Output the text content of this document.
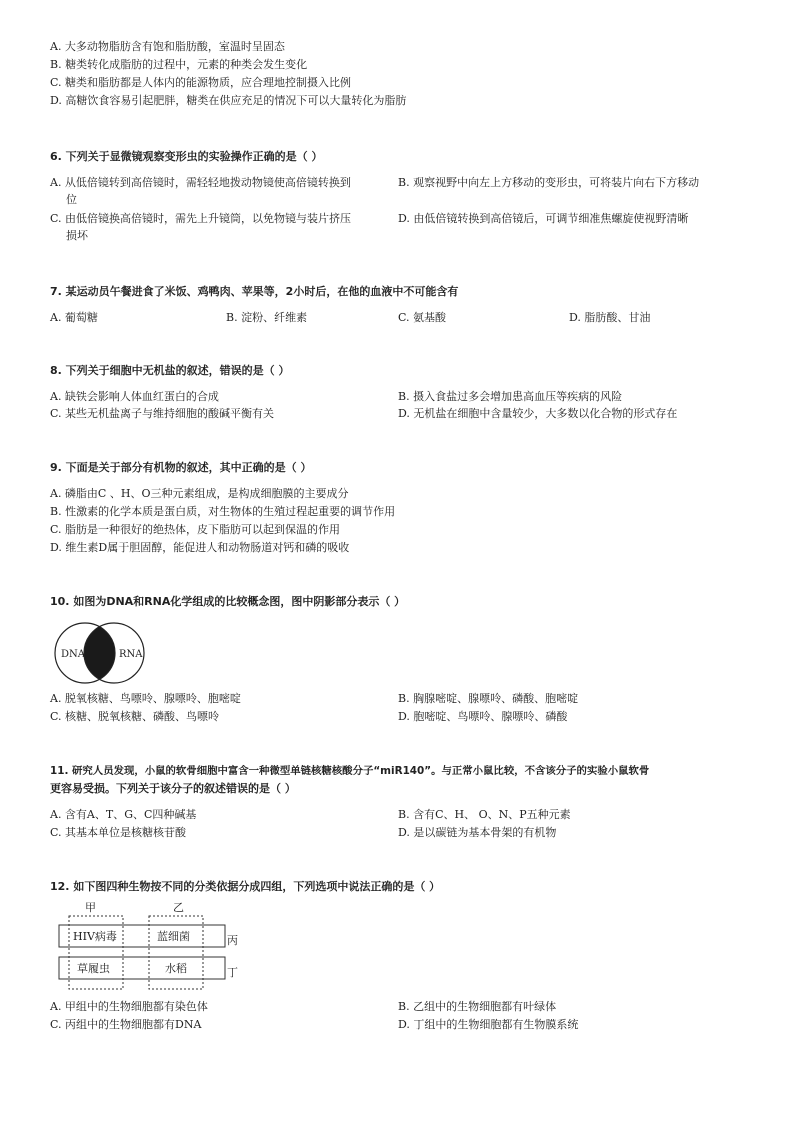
A. 大多动物脂肪含有饱和脂肪酸，室温时呈固态
B. 糖类转化成脂肪的过程中，元素的种类会发生变化
C. 糖类和脂肪都是人体内的能源物质，应合理地控制摄入比例
D. 高糖饮食容易引起肥胖，糖类在供应充足的情况下可以大量转化为脂肪
6. 下列关于显微镜观察变形虫的实验操作正确的是（ ）
A. 从低倍镜转到高倍镜时，需轻轻地拨动物镜使高倍镜转换到
位
B. 观察视野中向左上方移动的变形虫，可将装片向右下方移动
C. 由低倍镜换高倍镜时，需先上升镜筒，以免物镜与装片挤压
损坏
D. 由低倍镜转换到高倍镜后，可调节细准焦螺旋使视野清晰
7. 某运动员午餐进食了米饭、鸡鸭肉、苹果等，2小时后，在他的血液中不可能含有
A. 葡萄糖	B. 淀粉、纤维素	C. 氨基酸	D. 脂肪酸、甘油
8. 下列关于细胞中无机盐的叙述，错误的是（ ）
A. 缺铁会影响人体血红蛋白的合成	B. 摄入食盐过多会增加患高血压等疾病的风险
C. 某些无机盐离子与维持细胞的酸碱平衡有关	D. 无机盐在细胞中含量较少，大多数以化合物的形式存在
9. 下面是关于部分有机物的叙述，其中正确的是（ ）
A. 磷脂由C 、H、O三种元素组成，是构成细胞膜的主要成分
B. 性激素的化学本质是蛋白质，对生物体的生殖过程起重要的调节作用
C. 脂肪是一种很好的绝热体，皮下脂肪可以起到保温的作用
D. 维生素D属于胆固醇，能促进人和动物肠道对钙和磷的吸收
10. 如图为DNA和RNA化学组成的比较概念图，图中阴影部分表示（ ）
DNA	RNA
A. 脱氧核糖、鸟嘌呤、腺嘌呤、胞嘧啶	B. 胸腺嘧啶、腺嘌呤、磷酸、胞嘧啶
C. 核糖、脱氧核糖、磷酸、鸟嘌呤	D. 胞嘧啶、鸟嘌呤、腺嘌呤、磷酸
11. 研究人员发现，小鼠的软骨细胞中富含一种微型单链核糖核酸分子“miR140”。与正常小鼠比较，不含该分子的实验小鼠软骨
更容易受损。下列关于该分子的叙述错误的是（ ）
A. 含有A、T、G、C四种碱基	B. 含有C、H、 O、N、P五种元素
C. 其基本单位是核糖核苷酸	D. 是以碳链为基本骨架的有机物
12. 如下图四种生物按不同的分类依据分成四组，下列选项中说法正确的是（ ）
甲	乙
HIV病毒	蓝细菌
草履虫	水稻
丙
丁
A. 甲组中的生物细胞都有染色体	B. 乙组中的生物细胞都有叶绿体
C. 丙组中的生物细胞都有DNA	D. 丁组中的生物细胞都有生物膜系统
